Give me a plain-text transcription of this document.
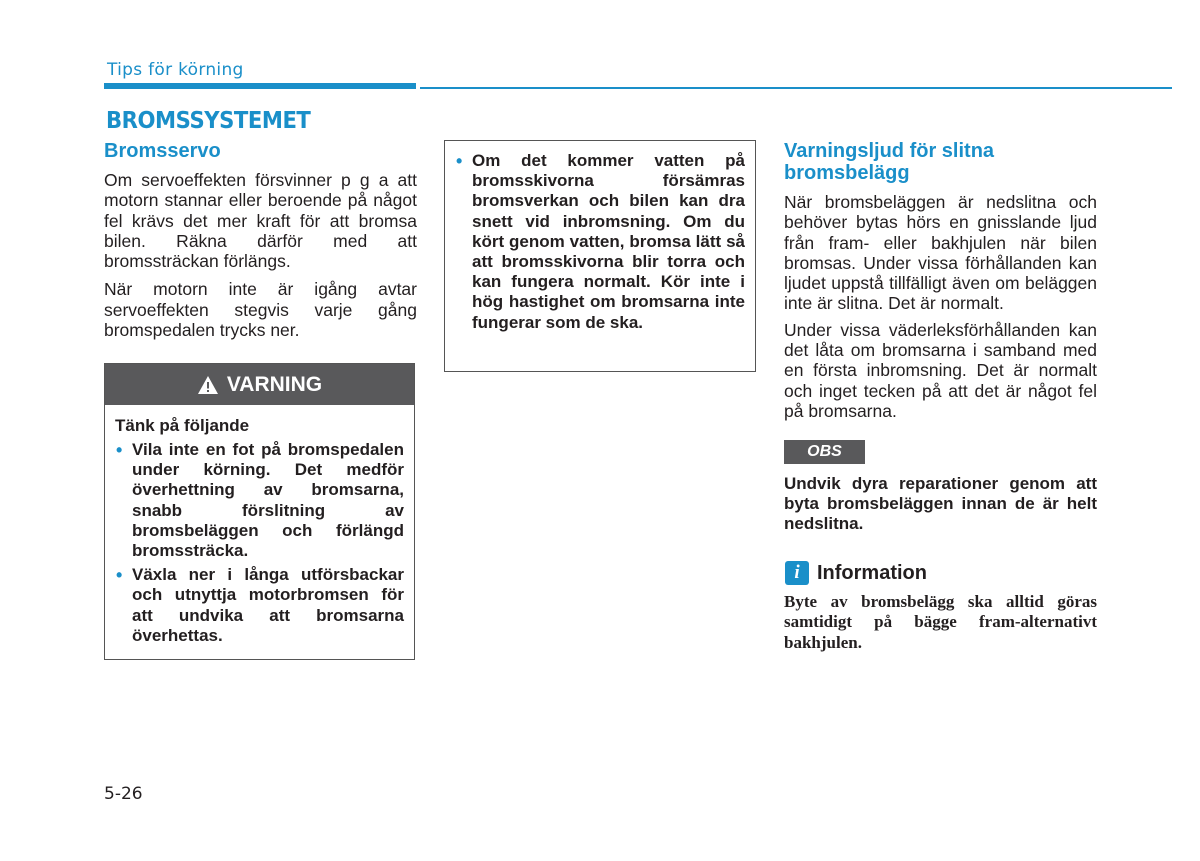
Tips för körning
BROMSSYSTEMET
Bromsservo

Om servoeffekten försvinner p g a att motorn stannar eller beroende på något fel krävs det mer kraft för att bromsa bilen. Räkna därför med att bromssträckan förlängs.

När motorn inte är igång avtar servoeffekten stegvis varje gång bromspedalen trycks ner.

VARNING

Tänk på följande

• Vila inte en fot på bromspedalen under körning. Det medför överhettning av bromsarna, snabb förslitning av bromsbeläggen och förlängd bromssträcka.
• Växla ner i långa utförsbackar och utnyttja motorbromsen för att undvika att bromsarna överhettas.
• Om det kommer vatten på bromsskivorna försämras bromsverkan och bilen kan dra snett vid inbromsning. Om du kört genom vatten, bromsa lätt så att bromsskivorna blir torra och kan fungera normalt. Kör inte i hög hastighet om bromsarna inte fungerar som de ska.
Varningsljud för slitna bromsbelägg

När bromsbeläggen är nedslitna och behöver bytas hörs en gnisslande ljud från fram- eller bakhjulen när bilen bromsas. Under vissa förhållanden kan ljudet uppstå tillfälligt även om beläggen inte är slitna. Det är normalt.

Under vissa väderleksförhållanden kan det låta om bromsarna i samband med en första inbromsning. Det är normalt och inget tecken på att det är något fel på bromsarna.

OBS

Undvik dyra reparationer genom att byta bromsbeläggen innan de är helt nedslitna.

i Information

Byte av bromsbelägg ska alltid göras samtidigt på bägge fram-alternativt bakhjulen.

5-26
